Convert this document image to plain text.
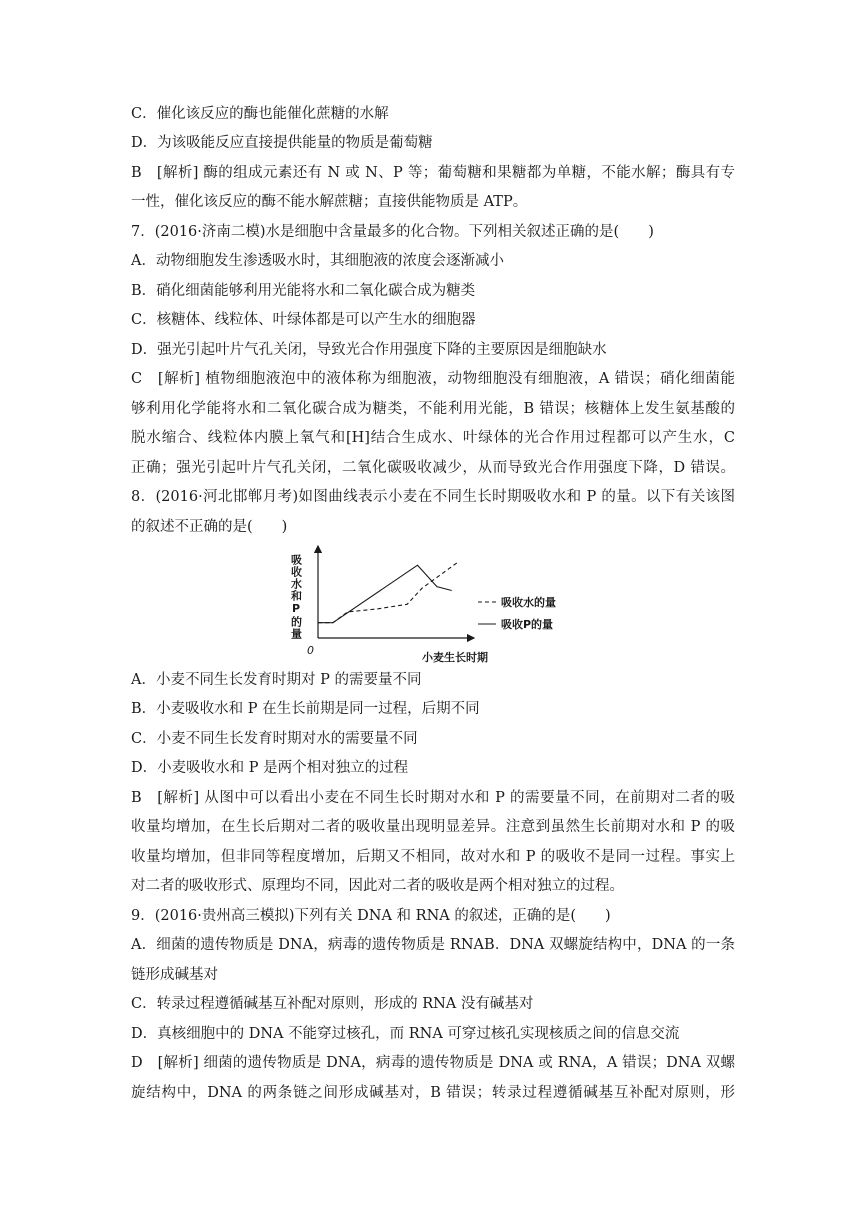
C．催化该反应的酶也能催化蔗糖的水解
D．为该吸能反应直接提供能量的物质是葡萄糖
B　[解析] 酶的组成元素还有 N 或 N、P 等；葡萄糖和果糖都为单糖，不能水解；酶具有专
一性，催化该反应的酶不能水解蔗糖；直接供能物质是 ATP。
7．(2016·济南二模)水是细胞中含量最多的化合物。下列相关叙述正确的是(　　)
A．动物细胞发生渗透吸水时，其细胞液的浓度会逐渐减小
B．硝化细菌能够利用光能将水和二氧化碳合成为糖类
C．核糖体、线粒体、叶绿体都是可以产生水的细胞器
D．强光引起叶片气孔关闭，导致光合作用强度下降的主要原因是细胞缺水
C　[解析] 植物细胞液泡中的液体称为细胞液，动物细胞没有细胞液，A 错误；硝化细菌能
够利用化学能将水和二氧化碳合成为糖类，不能利用光能，B 错误；核糖体上发生氨基酸的
脱水缩合、线粒体内膜上氧气和[H]结合生成水、叶绿体的光合作用过程都可以产生水，C
正确；强光引起叶片气孔关闭，二氧化碳吸收减少，从而导致光合作用强度下降，D 错误。
8．(2016·河北邯郸月考)如图曲线表示小麦在不同生长时期吸收水和 P 的量。以下有关该图
的叙述不正确的是(　　)
A．小麦不同生长发育时期对 P 的需要量不同
B．小麦吸收水和 P 在生长前期是同一过程，后期不同
C．小麦不同生长发育时期对水的需要量不同
D．小麦吸收水和 P 是两个相对独立的过程
B　[解析] 从图中可以看出小麦在不同生长时期对水和 P 的需要量不同，在前期对二者的吸
收量均增加，在生长后期对二者的吸收量出现明显差异。注意到虽然生长前期对水和 P 的吸
收量均增加，但非同等程度增加，后期又不相同，故对水和 P 的吸收不是同一过程。事实上
对二者的吸收形式、原理均不同，因此对二者的吸收是两个相对独立的过程。
9．(2016·贵州高三模拟)下列有关 DNA 和 RNA 的叙述，正确的是(　　)
A．细菌的遗传物质是 DNA，病毒的遗传物质是 RNAB．DNA 双螺旋结构中，DNA 的一条
链形成碱基对
C．转录过程遵循碱基互补配对原则，形成的 RNA 没有碱基对
D．真核细胞中的 DNA 不能穿过核孔，而 RNA 可穿过核孔实现核质之间的信息交流
D　[解析] 细菌的遗传物质是 DNA，病毒的遗传物质是 DNA 或 RNA，A 错误；DNA 双螺
旋结构中，DNA 的两条链之间形成碱基对，B 错误；转录过程遵循碱基互补配对原则，形
吸收水和P的量
0
小麦生长时期
吸收水的量
吸收P的量
